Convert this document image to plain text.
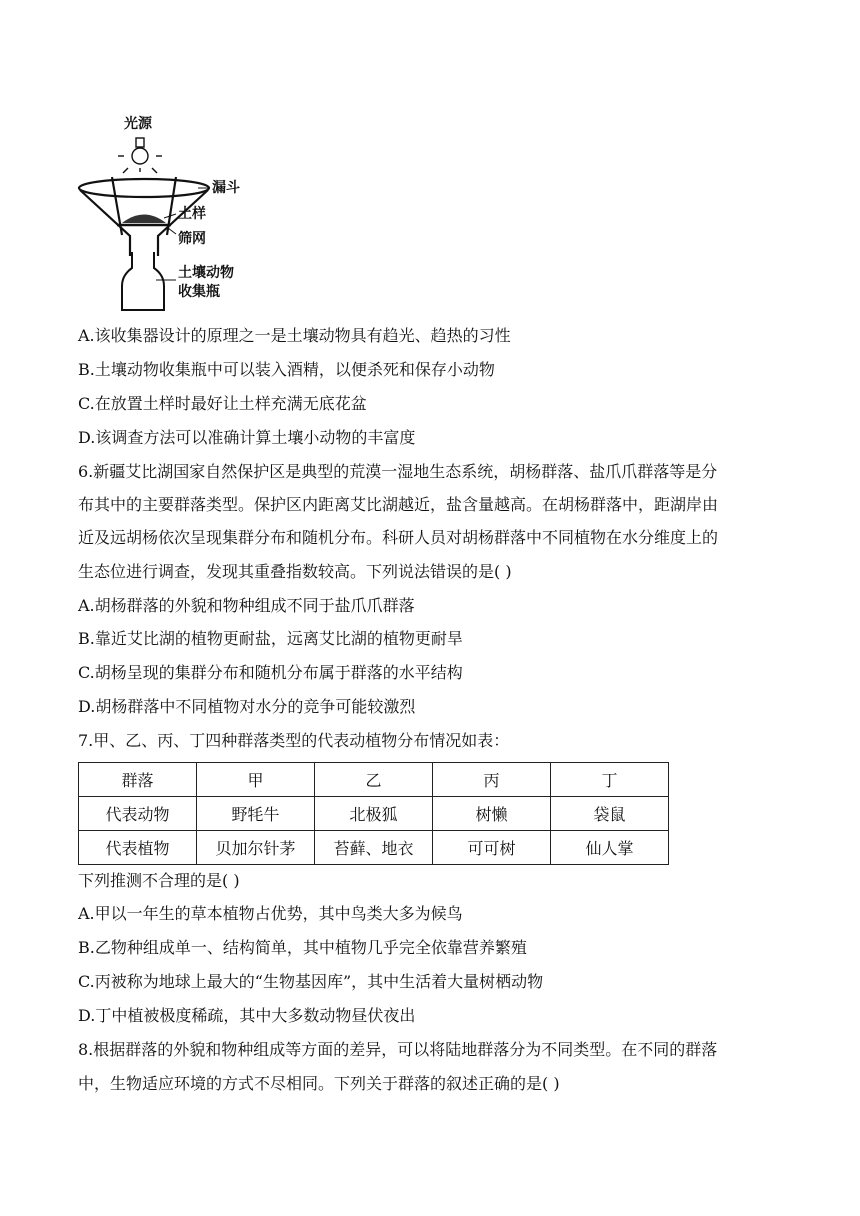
光源
漏斗
土样
筛网
土壤动物
收集瓶
A.该收集器设计的原理之一是土壤动物具有趋光、趋热的习性
B.土壤动物收集瓶中可以装入酒精，以便杀死和保存小动物
C.在放置土样时最好让土样充满无底花盆
D.该调查方法可以准确计算土壤小动物的丰富度
6.新疆艾比湖国家自然保护区是典型的荒漠一湿地生态系统，胡杨群落、盐爪爪群落等是分
布其中的主要群落类型。保护区内距离艾比湖越近，盐含量越高。在胡杨群落中，距湖岸由
近及远胡杨依次呈现集群分布和随机分布。科研人员对胡杨群落中不同植物在水分维度上的
生态位进行调查，发现其重叠指数较高。下列说法错误的是( )
A.胡杨群落的外貌和物种组成不同于盐爪爪群落
B.靠近艾比湖的植物更耐盐，远离艾比湖的植物更耐旱
C.胡杨呈现的集群分布和随机分布属于群落的水平结构
D.胡杨群落中不同植物对水分的竞争可能较激烈
7.甲、乙、丙、丁四种群落类型的代表动植物分布情况如表：
群落	甲	乙	丙	丁
代表动物	野牦牛	北极狐	树懒	袋鼠
代表植物	贝加尔针茅	苔藓、地衣	可可树	仙人掌
下列推测不合理的是( )
A.甲以一年生的草本植物占优势，其中鸟类大多为候鸟
B.乙物种组成单一、结构简单，其中植物几乎完全依靠营养繁殖
C.丙被称为地球上最大的“生物基因库”，其中生活着大量树栖动物
D.丁中植被极度稀疏，其中大多数动物昼伏夜出
8.根据群落的外貌和物种组成等方面的差异，可以将陆地群落分为不同类型。在不同的群落
中，生物适应环境的方式不尽相同。下列关于群落的叙述正确的是( )
